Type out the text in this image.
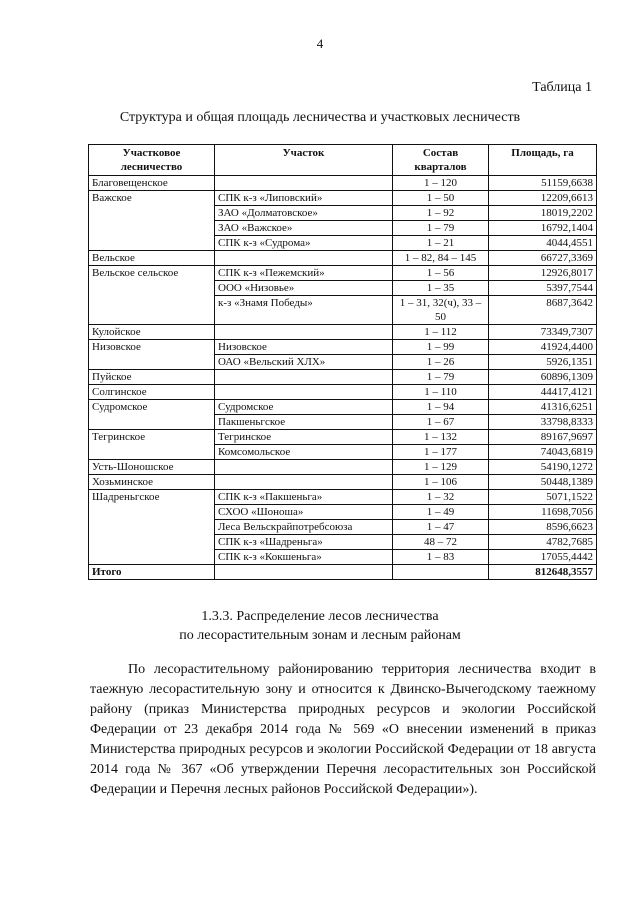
4
Таблица 1
Структура и общая площадь лесничества и участковых лесничеств
Участковое лесничество	Участок	Состав кварталов	Площадь, га
Благовещенское		1 – 120	51159,6638
Важское	СПК к-з «Липовский»	1 – 50	12209,6613
	ЗАО «Долматовское»	1 – 92	18019,2202
	ЗАО «Важское»	1 – 79	16792,1404
	СПК к-з «Судрома»	1 – 21	4044,4551
Вельское		1 – 82, 84 – 145	66727,3369
Вельское сельское	СПК к-з «Пежемский»	1 – 56	12926,8017
	ООО «Низовье»	1 – 35	5397,7544
	к-з «Знамя Победы»	1 – 31, 32(ч), 33 – 50	8687,3642
Кулойское		1 – 112	73349,7307
Низовское	Низовское	1 – 99	41924,4400
	ОАО «Вельский ХЛХ»	1 – 26	5926,1351
Пуйское		1 – 79	60896,1309
Солгинское		1 – 110	44417,4121
Судромское	Судромское	1 – 94	41316,6251
	Пакшеньгское	1 – 67	33798,8333
Тегринское	Тегринское	1 – 132	89167,9697
	Комсомольское	1 – 177	74043,6819
Усть-Шоношское		1 – 129	54190,1272
Хозьминское		1 – 106	50448,1389
Шадреньгское	СПК к-з «Пакшеньга»	1 – 32	5071,1522
	СХОО «Шоноша»	1 – 49	11698,7056
	Леса Вельскрайпотребсоюза	1 – 47	8596,6623
	СПК к-з «Шадреньга»	48 – 72	4782,7685
	СПК к-з «Кокшеньга»	1 – 83	17055,4442
Итого			812648,3557
1.3.3. Распределение лесов лесничества
по лесорастительным зонам и лесным районам

По лесорастительному районированию территория лесничества входит в таежную лесорастительную зону и относится к Двинско-Вычегодскому таежному району (приказ Министерства природных ресурсов и экологии Российской Федерации от 23 декабря 2014 года № 569 «О внесении изменений в приказ Министерства природных ресурсов и экологии Российской Федерации от 18 августа 2014 года № 367 «Об утверждении Перечня лесорастительных зон Российской Федерации и Перечня лесных районов Российской Федерации»).
